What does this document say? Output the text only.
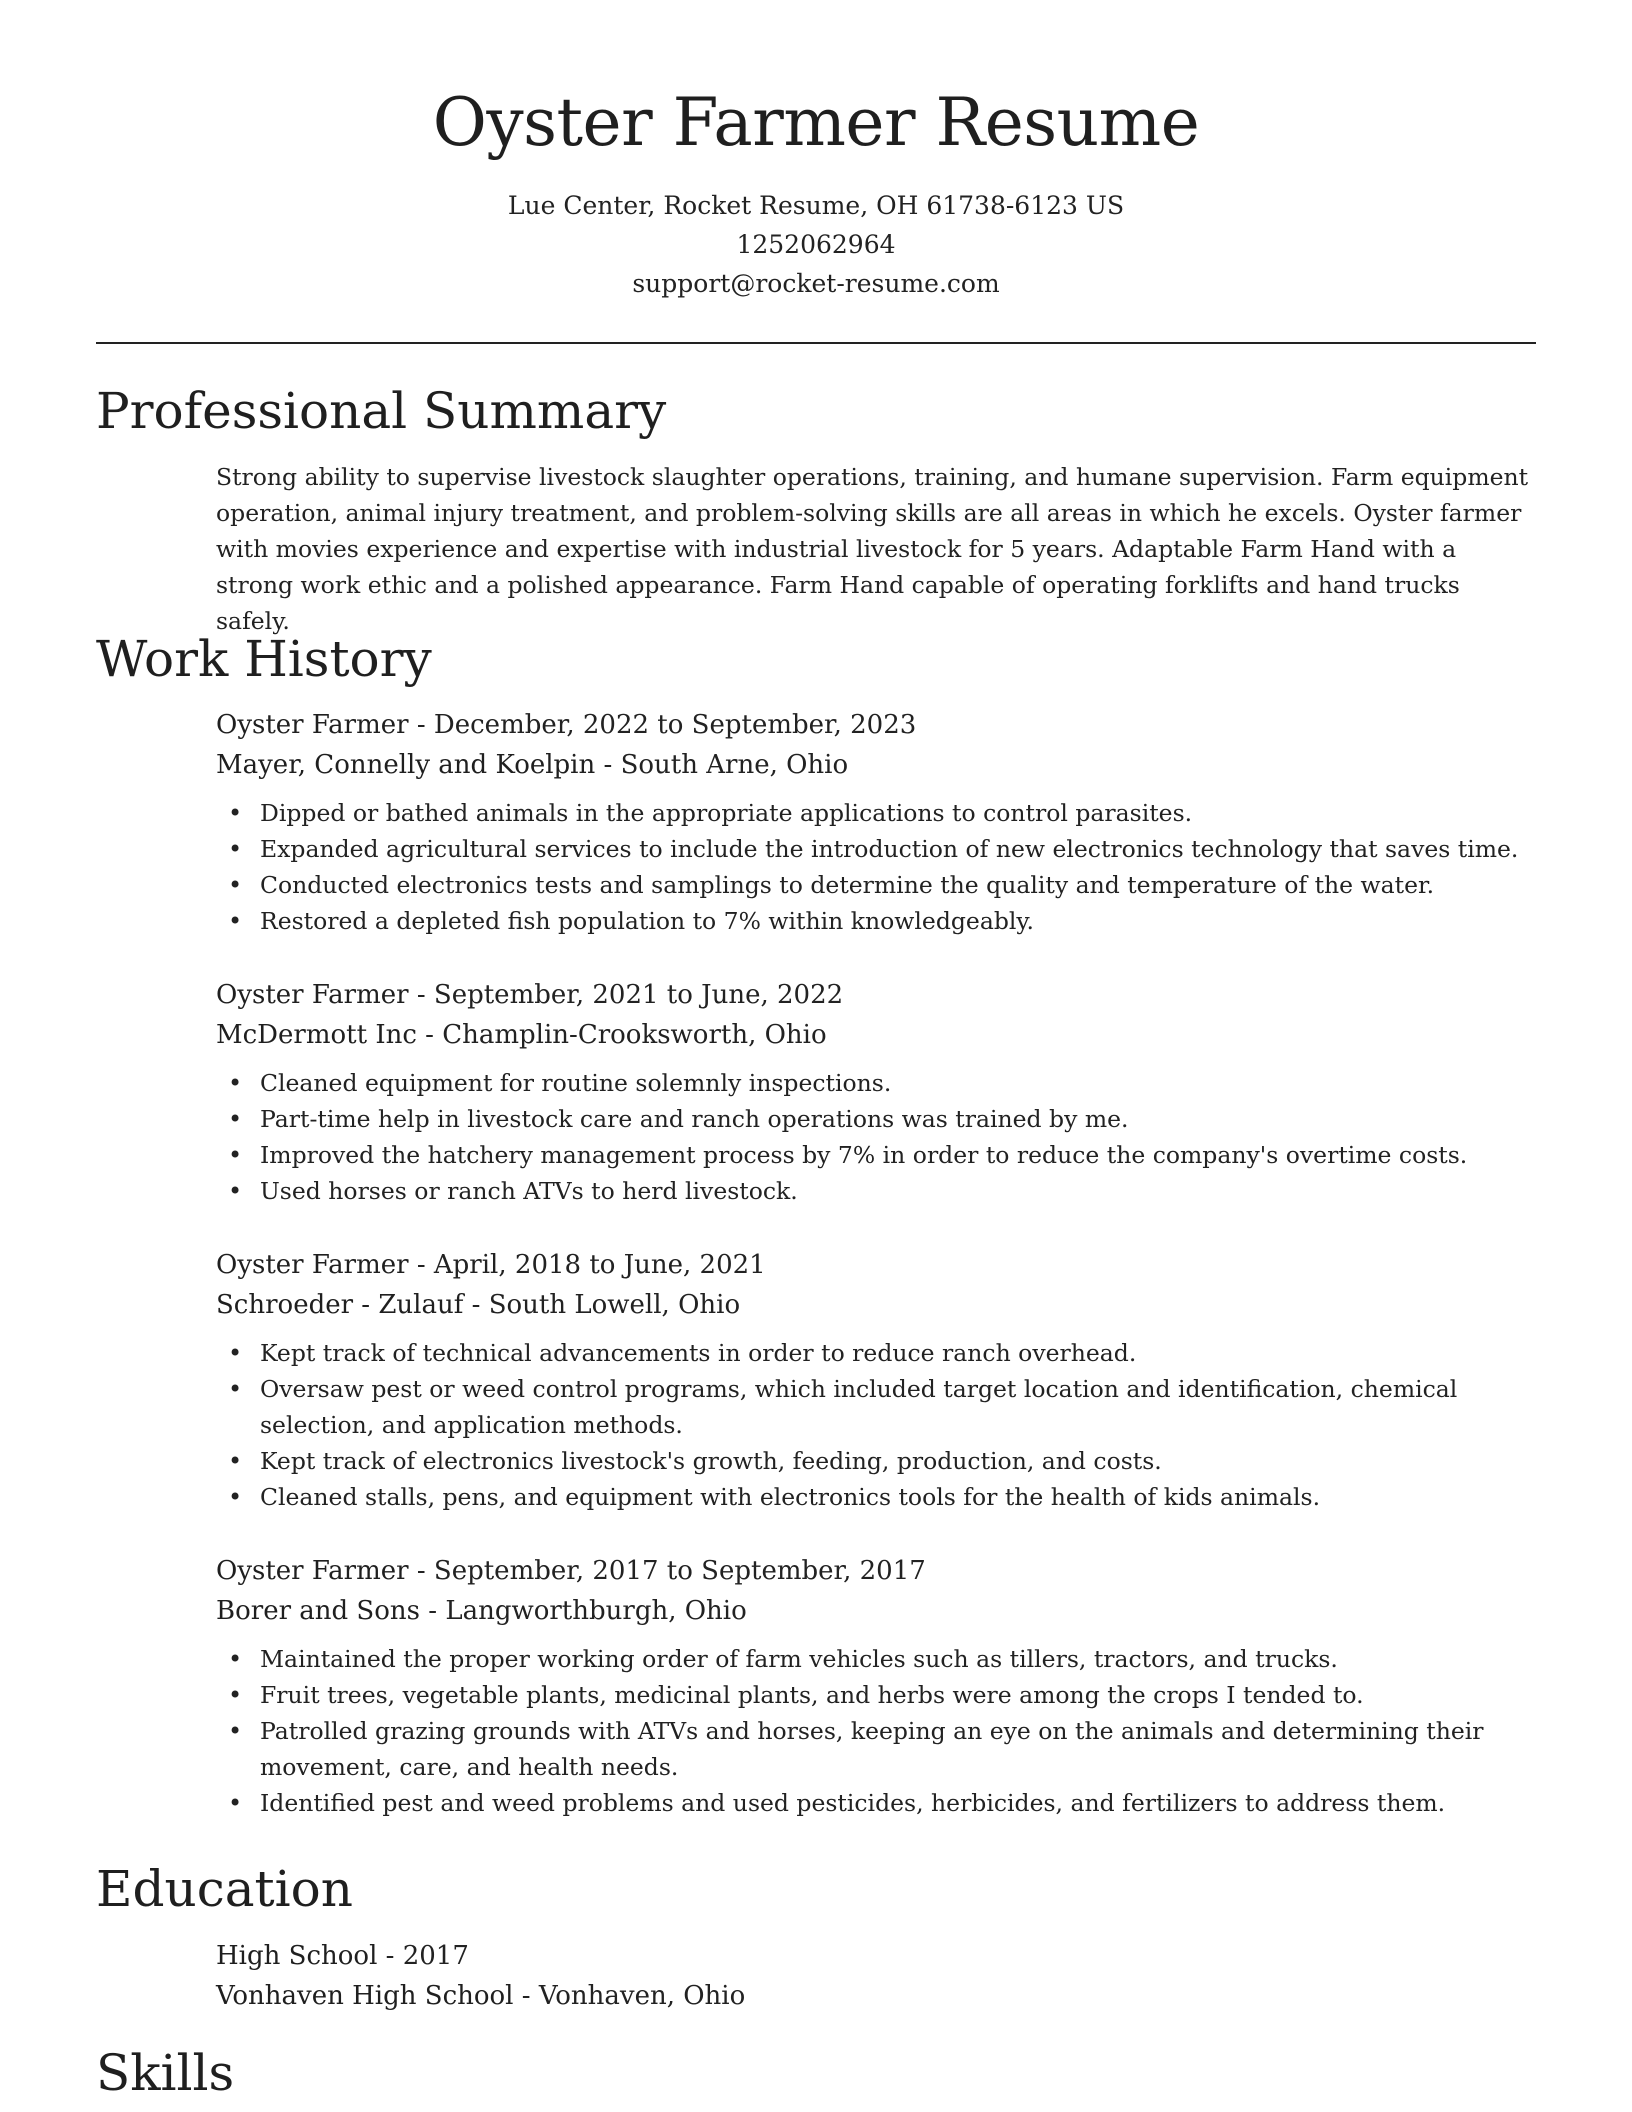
Oyster Farmer Resume
Lue Center, Rocket Resume, OH 61738-6123 US
1252062964
support@rocket-resume.com
Professional Summary
Strong ability to supervise livestock slaughter operations, training, and humane supervision. Farm equipment operation, animal injury treatment, and problem-solving skills are all areas in which he excels. Oyster farmer with movies experience and expertise with industrial livestock for 5 years. Adaptable Farm Hand with a strong work ethic and a polished appearance. Farm Hand capable of operating forklifts and hand trucks safely.
Work History
Oyster Farmer - December, 2022 to September, 2023
Mayer, Connelly and Koelpin - South Arne, Ohio
• Dipped or bathed animals in the appropriate applications to control parasites.
• Expanded agricultural services to include the introduction of new electronics technology that saves time.
• Conducted electronics tests and samplings to determine the quality and temperature of the water.
• Restored a depleted fish population to 7% within knowledgeably.
Oyster Farmer - September, 2021 to June, 2022
McDermott Inc - Champlin-Crooksworth, Ohio
• Cleaned equipment for routine solemnly inspections.
• Part-time help in livestock care and ranch operations was trained by me.
• Improved the hatchery management process by 7% in order to reduce the company's overtime costs.
• Used horses or ranch ATVs to herd livestock.
Oyster Farmer - April, 2018 to June, 2021
Schroeder - Zulauf - South Lowell, Ohio
• Kept track of technical advancements in order to reduce ranch overhead.
• Oversaw pest or weed control programs, which included target location and identification, chemical selection, and application methods.
• Kept track of electronics livestock's growth, feeding, production, and costs.
• Cleaned stalls, pens, and equipment with electronics tools for the health of kids animals.
Oyster Farmer - September, 2017 to September, 2017
Borer and Sons - Langworthburgh, Ohio
• Maintained the proper working order of farm vehicles such as tillers, tractors, and trucks.
• Fruit trees, vegetable plants, medicinal plants, and herbs were among the crops I tended to.
• Patrolled grazing grounds with ATVs and horses, keeping an eye on the animals and determining their movement, care, and health needs.
• Identified pest and weed problems and used pesticides, herbicides, and fertilizers to address them.
Education
High School - 2017
Vonhaven High School - Vonhaven, Ohio
Skills
